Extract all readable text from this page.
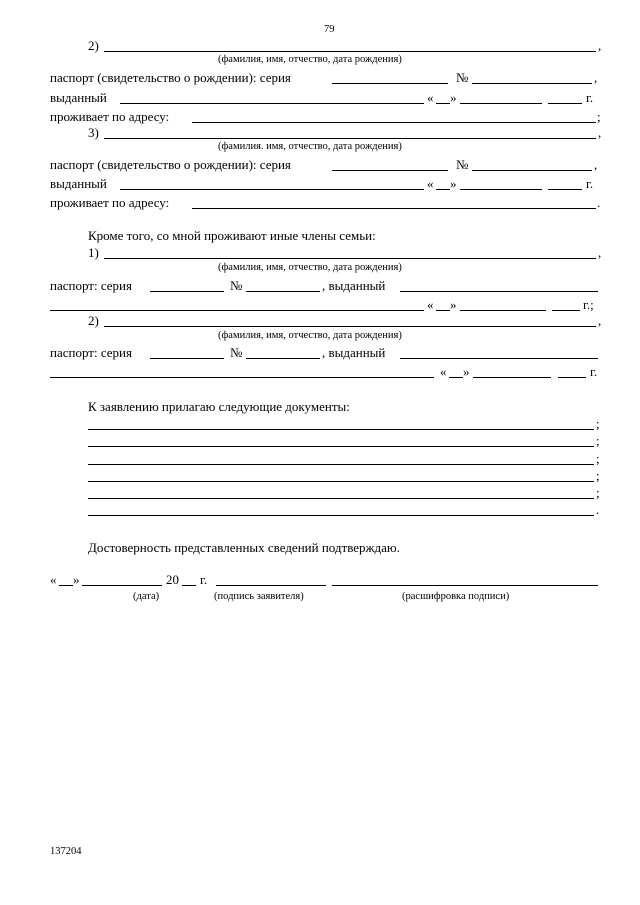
79
2)	,
(фамилия, имя, отчество, дата рождения)
паспорт (свидетельство о рождении): серия	№	,
выданный	« »	г.
проживает по адресу:	;
3)	,
(фамилия. имя, отчество, дата рождения)
паспорт (свидетельство о рождении): серия	№	,
выданный	« »	г.
проживает по адресу:	.
Кроме того, со мной проживают иные члены семьи:
1)	,
(фамилия, имя, отчество, дата рождения)
паспорт: серия	№	, выданный
« »	г.;
2)	,
(фамилия, имя, отчество, дата рождения)
паспорт: серия	№	, выданный
« »	г.
К заявлению прилагаю следующие документы:
;
;
;
;
;
.
Достоверность представленных сведений подтверждаю.
« »	20 г.
(дата)	(подпись заявителя)	(расшифровка подписи)
137204
